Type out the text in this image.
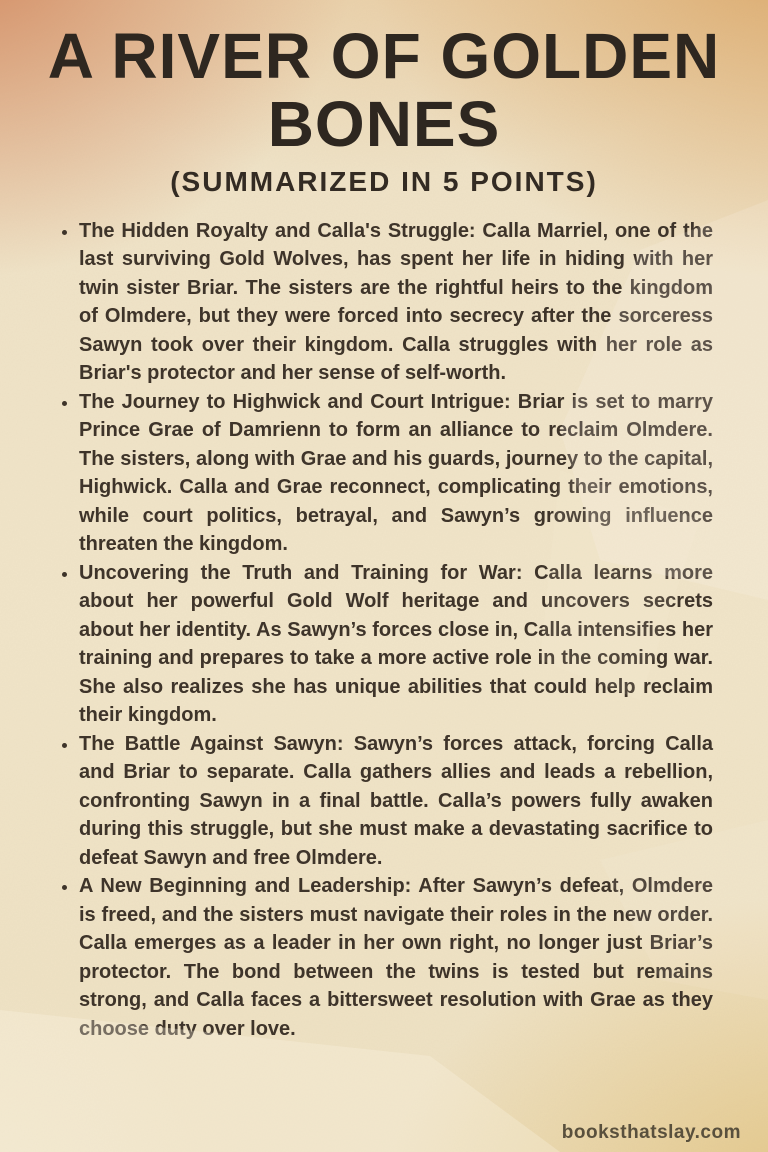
A RIVER OF GOLDEN BONES
(SUMMARIZED IN 5 POINTS)
• The Hidden Royalty and Calla's Struggle: Calla Marriel, one of the last surviving Gold Wolves, has spent her life in hiding with her twin sister Briar. The sisters are the rightful heirs to the kingdom of Olmdere, but they were forced into secrecy after the sorceress Sawyn took over their kingdom. Calla struggles with her role as Briar's protector and her sense of self-worth.
• The Journey to Highwick and Court Intrigue: Briar is set to marry Prince Grae of Damrienn to form an alliance to reclaim Olmdere. The sisters, along with Grae and his guards, journey to the capital, Highwick. Calla and Grae reconnect, complicating their emotions, while court politics, betrayal, and Sawyn’s growing influence threaten the kingdom.
• Uncovering the Truth and Training for War: Calla learns more about her powerful Gold Wolf heritage and uncovers secrets about her identity. As Sawyn’s forces close in, Calla intensifies her training and prepares to take a more active role in the coming war. She also realizes she has unique abilities that could help reclaim their kingdom.
• The Battle Against Sawyn: Sawyn’s forces attack, forcing Calla and Briar to separate. Calla gathers allies and leads a rebellion, confronting Sawyn in a final battle. Calla’s powers fully awaken during this struggle, but she must make a devastating sacrifice to defeat Sawyn and free Olmdere.
• A New Beginning and Leadership: After Sawyn’s defeat, Olmdere is freed, and the sisters must navigate their roles in the new order. Calla emerges as a leader in her own right, no longer just Briar’s protector. The bond between the twins is tested but remains strong, and Calla faces a bittersweet resolution with Grae as they choose duty over love.
booksthatslay.com
